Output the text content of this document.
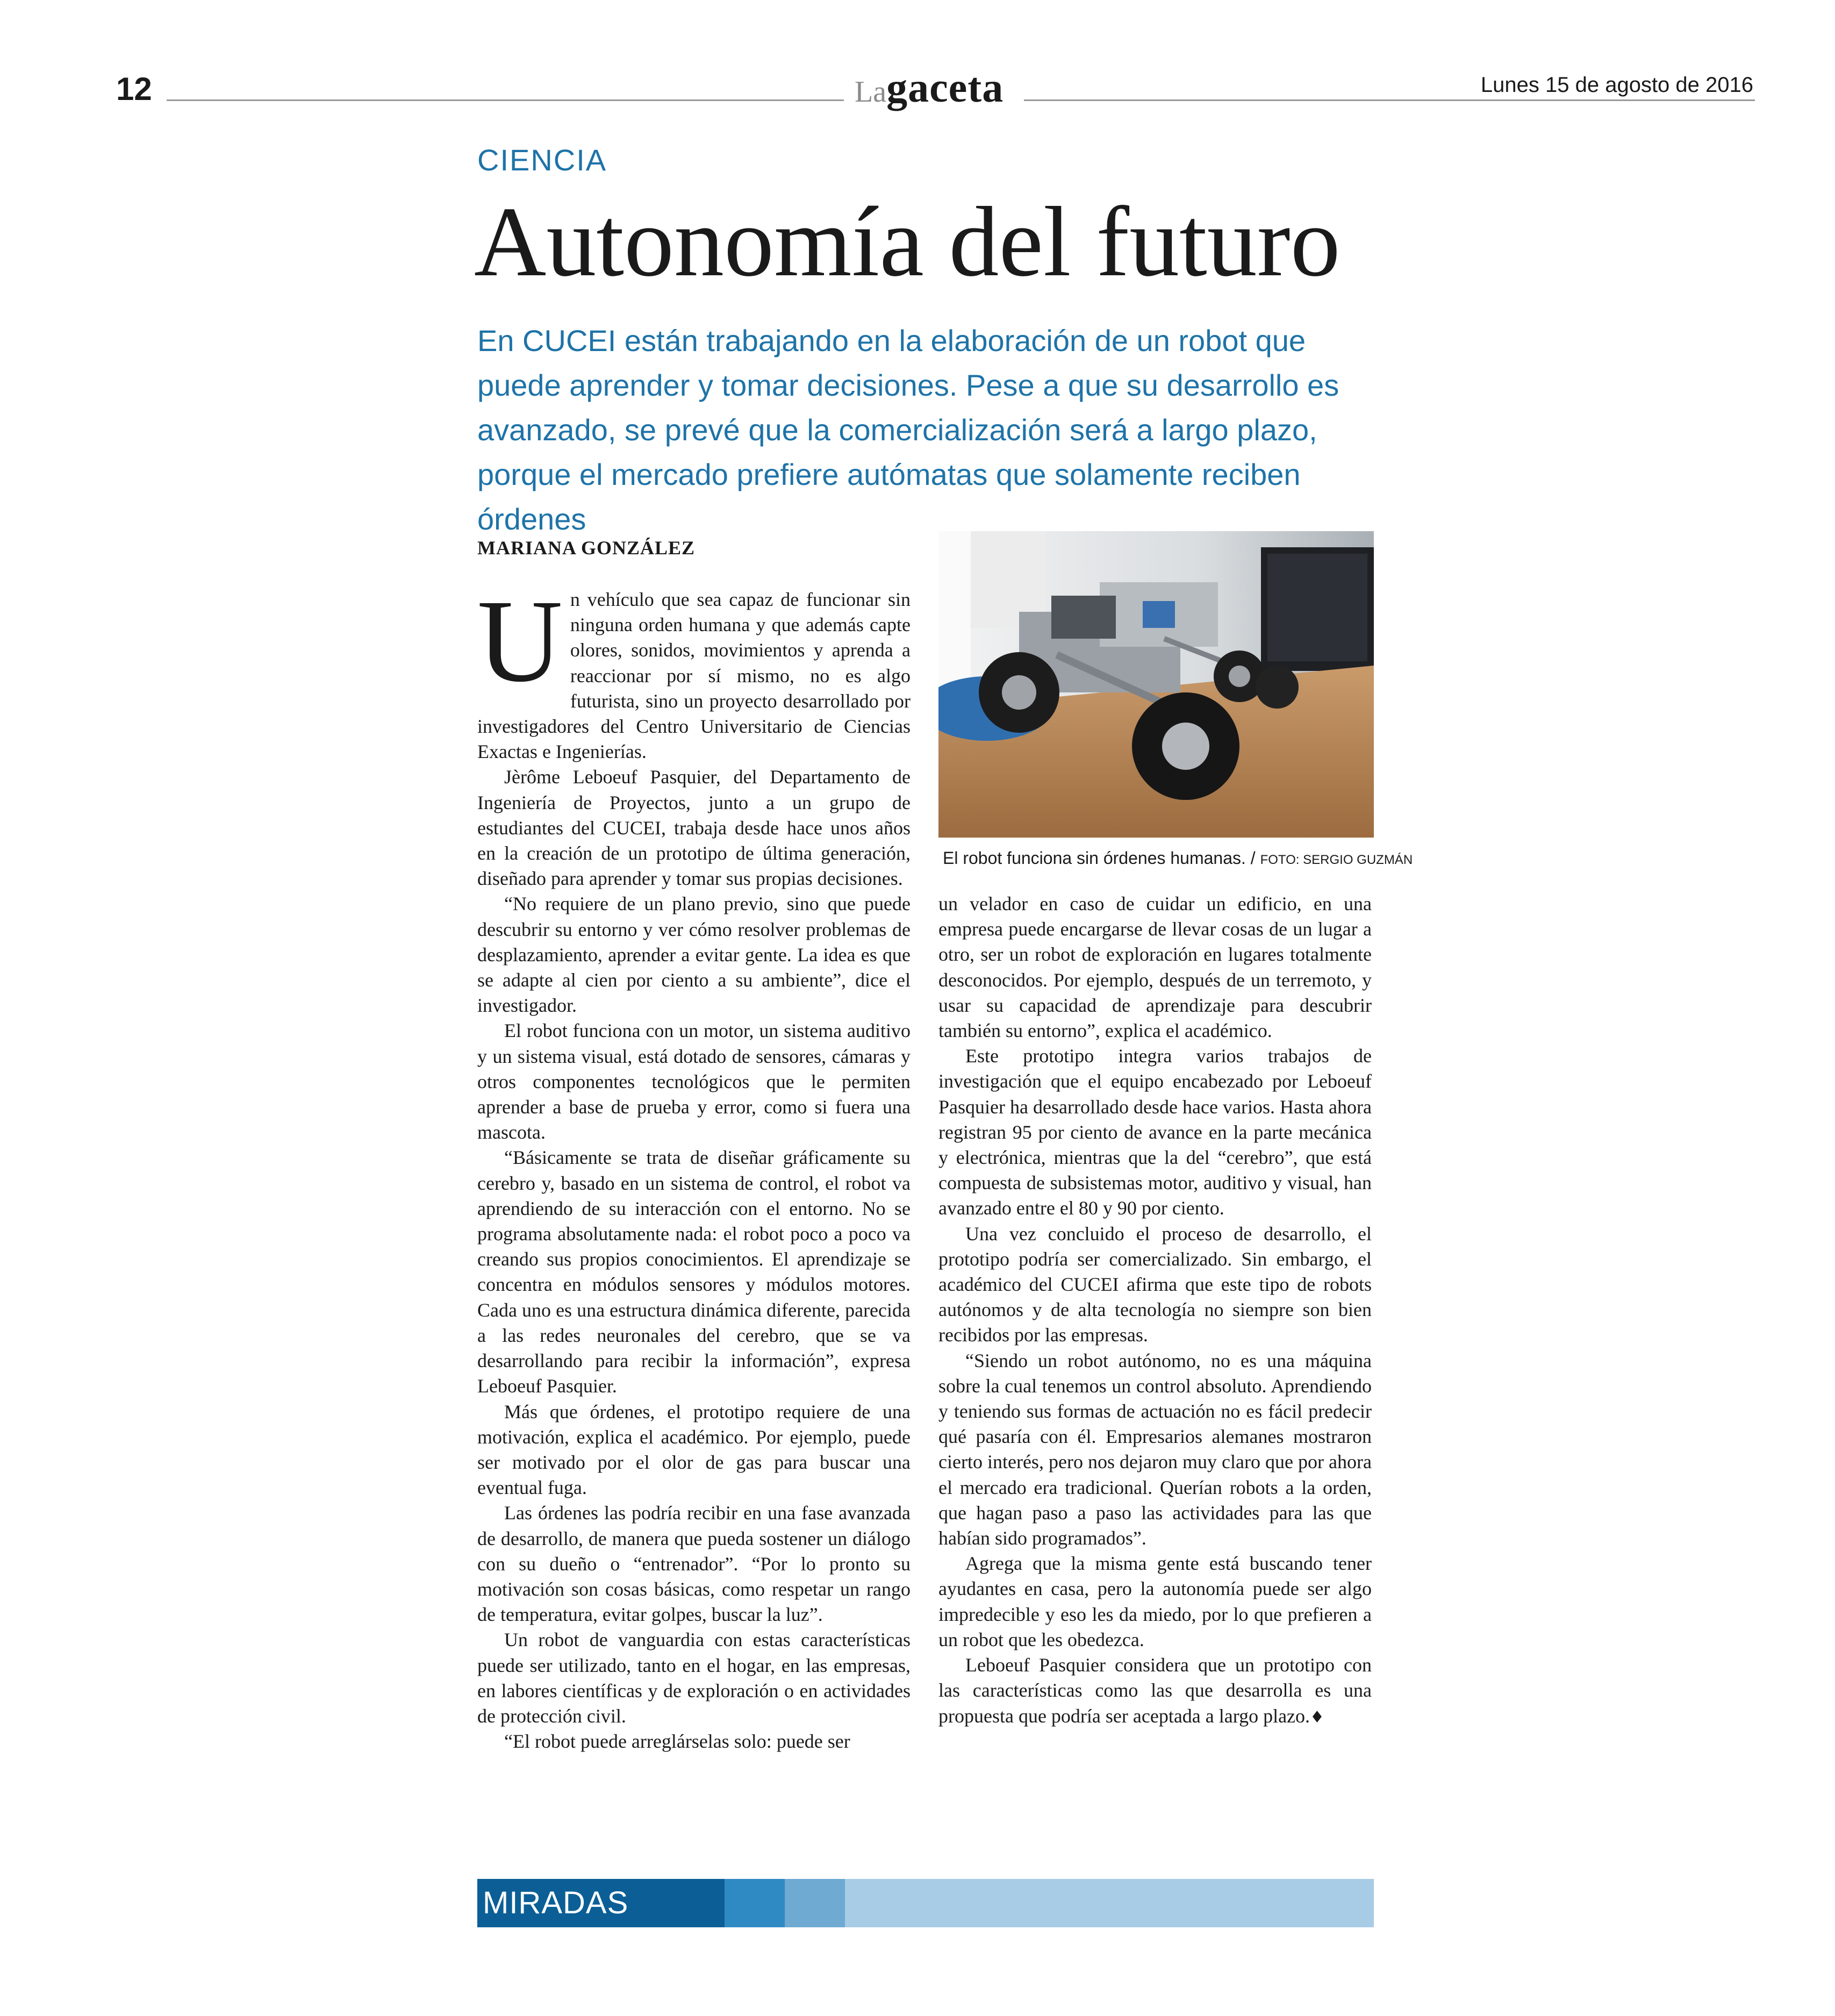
12	Lagaceta	Lunes 15 de agosto de 2016
CIENCIA
Autonomía del futuro

En CUCEI están trabajando en la elaboración de un robot que puede aprender y tomar decisiones. Pese a que su desarrollo es avanzado, se prevé que la comercialización será a largo plazo, porque el mercado prefiere autómatas que solamente reciben órdenes

MARIANA GONZÁLEZ

Un vehículo que sea capaz de funcionar sin ninguna orden humana y que además capte olores, sonidos, movimientos y aprenda a reaccionar por sí mismo, no es algo futurista, sino un proyecto desarrollado por investigadores del Centro Universitario de Ciencias Exactas e Ingenierías.

Jèrôme Leboeuf Pasquier, del Departamento de Ingeniería de Proyectos, junto a un grupo de estudiantes del CUCEI, trabaja desde hace unos años en la creación de un prototipo de última generación, diseñado para aprender y tomar sus propias decisiones.

“No requiere de un plano previo, sino que puede descubrir su entorno y ver cómo resolver problemas de desplazamiento, aprender a evitar gente. La idea es que se adapte al cien por ciento a su ambiente”, dice el investigador.

El robot funciona con un motor, un sistema auditivo y un sistema visual, está dotado de sensores, cámaras y otros componentes tecnológicos que le permiten aprender a base de prueba y error, como si fuera una mascota.

“Básicamente se trata de diseñar gráficamente su cerebro y, basado en un sistema de control, el robot va aprendiendo de su interacción con el entorno. No se programa absolutamente nada: el robot poco a poco va creando sus propios conocimientos. El aprendizaje se concentra en módulos sensores y módulos motores. Cada uno es una estructura dinámica diferente, parecida a las redes neuronales del cerebro, que se va desarrollando para recibir la información”, expresa Leboeuf Pasquier.

Más que órdenes, el prototipo requiere de una motivación, explica el académico. Por ejemplo, puede ser motivado por el olor de gas para buscar una eventual fuga.

Las órdenes las podría recibir en una fase avanzada de desarrollo, de manera que pueda sostener un diálogo con su dueño o “entrenador”. “Por lo pronto su motivación son cosas básicas, como respetar un rango de temperatura, evitar golpes, buscar la luz”.

Un robot de vanguardia con estas características puede ser utilizado, tanto en el hogar, en las empresas, en labores científicas y de exploración o en actividades de protección civil.

“El robot puede arreglárselas solo: puede ser

El robot funciona sin órdenes humanas. / FOTO: SERGIO GUZMÁN

un velador en caso de cuidar un edificio, en una empresa puede encargarse de llevar cosas de un lugar a otro, ser un robot de exploración en lugares totalmente desconocidos. Por ejemplo, después de un terremoto, y usar su capacidad de aprendizaje para descubrir también su entorno”, explica el académico.

Este prototipo integra varios trabajos de investigación que el equipo encabezado por Leboeuf Pasquier ha desarrollado desde hace varios. Hasta ahora registran 95 por ciento de avance en la parte mecánica y electrónica, mientras que la del “cerebro”, que está compuesta de subsistemas motor, auditivo y visual, han avanzado entre el 80 y 90 por ciento.

Una vez concluido el proceso de desarrollo, el prototipo podría ser comercializado. Sin embargo, el académico del CUCEI afirma que este tipo de robots autónomos y de alta tecnología no siempre son bien recibidos por las empresas.

“Siendo un robot autónomo, no es una máquina sobre la cual tenemos un control absoluto. Aprendiendo y teniendo sus formas de actuación no es fácil predecir qué pasaría con él. Empresarios alemanes mostraron cierto interés, pero nos dejaron muy claro que por ahora el mercado era tradicional. Querían robots a la orden, que hagan paso a paso las actividades para las que habían sido programados”.

Agrega que la misma gente está buscando tener ayudantes en casa, pero la autonomía puede ser algo impredecible y eso les da miedo, por lo que prefieren a un robot que les obedezca.

Leboeuf Pasquier considera que un prototipo con las características como las que desarrolla es una propuesta que podría ser aceptada a largo plazo.♦

MIRADAS
